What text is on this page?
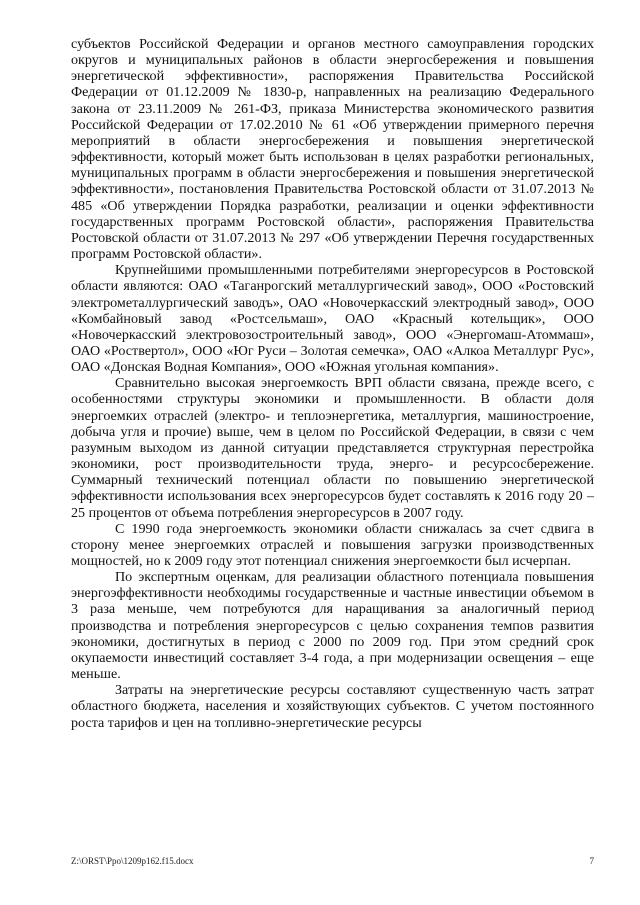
субъектов Российской Федерации и органов местного самоуправления городских округов и муниципальных районов в области энергосбережения и повышения энергетической эффективности», распоряжения Правительства Российской Федерации от 01.12.2009 № 1830-р, направленных на реализацию Федерального закона от 23.11.2009 № 261-ФЗ, приказа Министерства экономического развития Российской Федерации от 17.02.2010 № 61 «Об утверждении примерного перечня мероприятий в области энергосбережения и повышения энергетической эффективности, который может быть использован в целях разработки региональных, муниципальных программ в области энергосбережения и повышения энергетической эффективности», постановления Правительства Ростовской области от 31.07.2013 № 485 «Об утверждении Порядка разработки, реализации и оценки эффективности государственных программ Ростовской области», распоряжения Правительства Ростовской области от 31.07.2013 № 297 «Об утверждении Перечня государственных программ Ростовской области».

Крупнейшими промышленными потребителями энергоресурсов в Ростовской области являются: ОАО «Таганрогский металлургический завод», ООО «Ростовский электрометаллургический заводъ», ОАО «Новочеркасский электродный завод», ООО «Комбайновый завод «Ростсельмаш», ОАО «Красный котельщик», ООО «Новочеркасский электровозостроительный завод», ООО «Энергомаш-Атоммаш», ОАО «Роствертол», ООО «Юг Руси – Золотая семечка», ОАО «Алкоа Металлург Рус», ОАО «Донская Водная Компания», ООО «Южная угольная компания».

Сравнительно высокая энергоемкость ВРП области связана, прежде всего, с особенностями структуры экономики и промышленности. В области доля энергоемких отраслей (электро- и теплоэнергетика, металлургия, машиностроение, добыча угля и прочие) выше, чем в целом по Российской Федерации, в связи с чем разумным выходом из данной ситуации представляется структурная перестройка экономики, рост производительности труда, энерго- и ресурсосбережение. Суммарный технический потенциал области по повышению энергетической эффективности использования всех энергоресурсов будет составлять к 2016 году 20 – 25 процентов от объема потребления энергоресурсов в 2007 году.

С 1990 года энергоемкость экономики области снижалась за счет сдвига в сторону менее энергоемких отраслей и повышения загрузки производственных мощностей, но к 2009 году этот потенциал снижения энергоемкости был исчерпан.

По экспертным оценкам, для реализации областного потенциала повышения энергоэффективности необходимы государственные и частные инвестиции объемом в 3 раза меньше, чем потребуются для наращивания за аналогичный период производства и потребления энергоресурсов с целью сохранения темпов развития экономики, достигнутых в период с 2000 по 2009 год. При этом средний срок окупаемости инвестиций составляет 3-4 года, а при модернизации освещения – еще меньше.

Затраты на энергетические ресурсы составляют существенную часть затрат областного бюджета, населения и хозяйствующих субъектов. С учетом постоянного роста тарифов и цен на топливно-энергетические ресурсы

Z:\ORST\Ppo\1209p162.f15.docx	7
